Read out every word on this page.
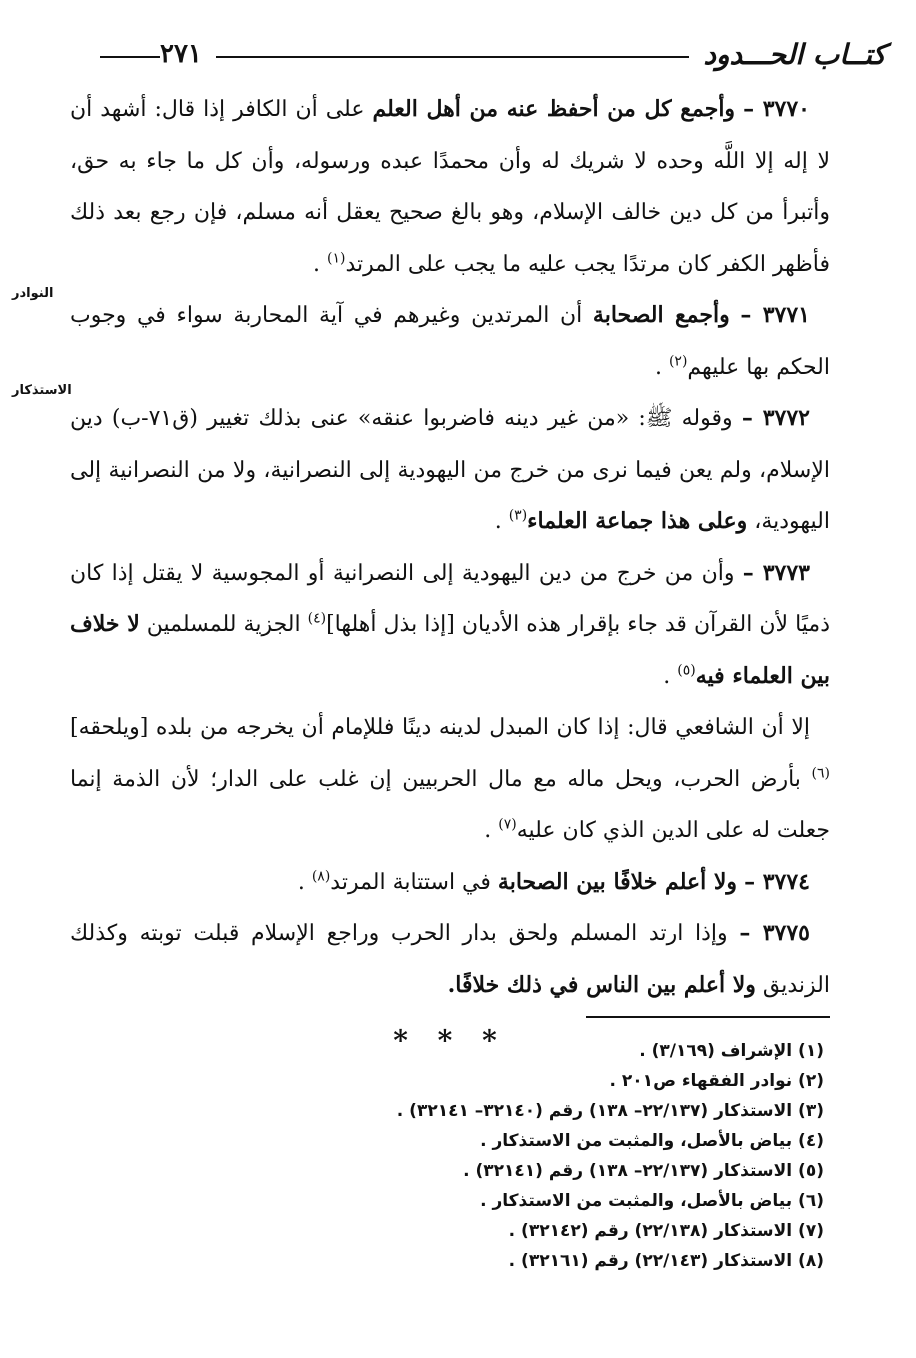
كتــاب الحـــدود
٢٧١
النوادر
الاستذكار

٣٧٧٠ – وأجمع كل من أحفظ عنه من أهل العلم على أن الكافر إذا قال: أشهد أن لا إله إلا اللَّه وحده لا شريك له وأن محمدًا عبده ورسوله، وأن كل ما جاء به حق، وأتبرأ من كل دين خالف الإسلام، وهو بالغ صحيح يعقل أنه مسلم، فإن رجع بعد ذلك فأظهر الكفر كان مرتدًا يجب عليه ما يجب على المرتد$^{(١)}$ .

٣٧٧١ – وأجمع الصحابة أن المرتدين وغيرهم في آية المحاربة سواء في وجوب الحكم بها عليهم$^{(٢)}$ .

٣٧٧٢ – وقوله ﷺ: «من غير دينه فاضربوا عنقه» عنى بذلك تغيير (ق٧١-ب) دين الإسلام، ولم يعن فيما نرى من خرج من اليهودية إلى النصرانية، ولا من النصرانية إلى اليهودية، وعلى هذا جماعة العلماء$^{(٣)}$ .

٣٧٧٣ – وأن من خرج من دين اليهودية إلى النصرانية أو المجوسية لا يقتل إذا كان ذميًا لأن القرآن قد جاء بإقرار هذه الأديان [إذا بذل أهلها]$^{(٤)}$ الجزية للمسلمين لا خلاف بين العلماء فيه$^{(٥)}$ .

إلا أن الشافعي قال: إذا كان المبدل لدينه دينًا فللإمام أن يخرجه من بلده [ويلحقه]$^{(٦)}$ بأرض الحرب، ويحل ماله مع مال الحربيين إن غلب على الدار؛ لأن الذمة إنما جعلت له على الدين الذي كان عليه$^{(٧)}$ .

٣٧٧٤ – ولا أعلم خلافًا بين الصحابة في استتابة المرتد$^{(٨)}$ .

٣٧٧٥ – وإذا ارتد المسلم ولحق بدار الحرب وراجع الإسلام قبلت توبته وكذلك الزنديق ولا أعلم بين الناس في ذلك خلافًا.

* * *	(١) الإشراف (٣/١٦٩) .
(٢) نوادر الفقهاء ص٢٠١ .
(٣) الاستذكار (٢٢/١٣٧– ١٣٨) رقم (٣٢١٤٠– ٣٢١٤١) .
(٤) بياض بالأصل، والمثبت من الاستذكار .
(٥) الاستذكار (٢٢/١٣٧– ١٣٨) رقم (٣٢١٤١) .
(٦) بياض بالأصل، والمثبت من الاستذكار .
(٧) الاستذكار (٢٢/١٣٨) رقم (٣٢١٤٢) .
(٨) الاستذكار (٢٢/١٤٣) رقم (٣٢١٦١) .
